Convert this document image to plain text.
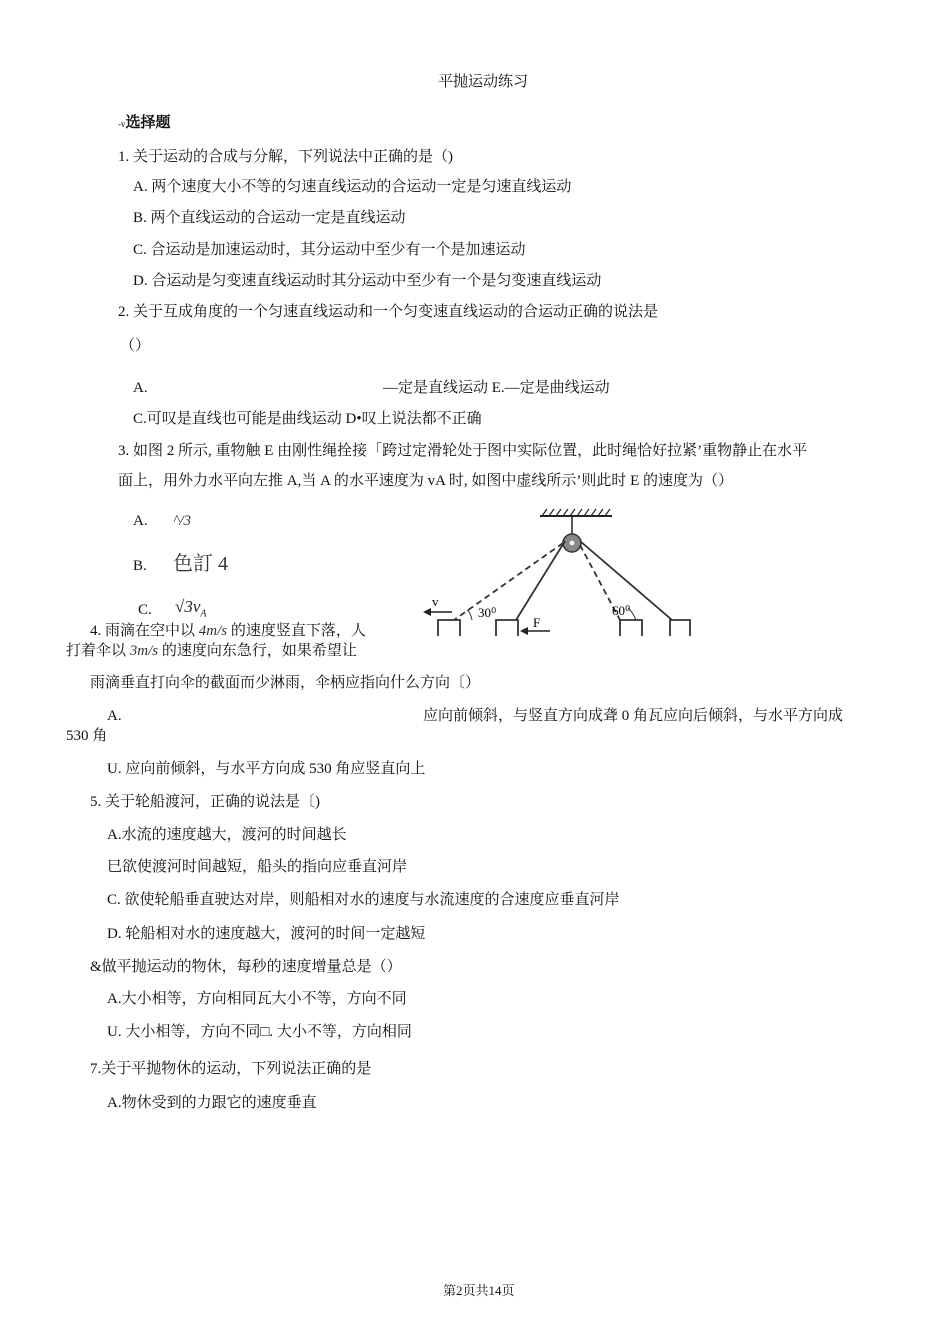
平抛运动练习
-v选择题
1. 关于运动的合成与分解，下列说法中正确的是（)
A. 两个速度大小不等的匀速直线运动的合运动一定是匀速直线运动
B. 两个直线运动的合运动一定是直线运动
C. 合运动是加速运动时，其分运动中至少有一个是加速运动
D. 合运动是匀变速直线运动时其分运动中至少有一个是匀变速直线运动
2. 关于互成角度的一个匀速直线运动和一个匀变速直线运动的合运动正确的说法是
（）
A.	—定是直线运动 E.—定是曲线运动
C.可叹是直线也可能是曲线运动 D•叹上说法都不正确
3. 如图 2 所示, 重物触 E 由刚性绳拴接「跨过定滑轮处于图中实际位置，此时绳恰好拉紧’重物静止在水平
面上，用外力水平向左推 A,当 A 的水平速度为 vA 时, 如图中虚线所示’则此时 E 的速度为（）
A. ^/3
B. 色訂 4
C. $√3v_A$
v
F
30⁰	60⁰
4. 雨滴在空中以 4m/s 的速度竖直下落，人
打着伞以 3m/s 的速度向东急行，如果希望让
雨滴垂直打向伞的截面而少淋雨，伞柄应指向什么方向〔）
A.	应向前倾斜，与竖直方向成聋 0 角瓦应向后倾斜，与水平方向成
530 角
U. 应向前倾斜，与水平方向成 530 角应竖直向上
5. 关于轮船渡河，正确的说法是〔)
A.水流的速度越大，渡河的时间越长
巳欲使渡河时间越短，船头的指向应垂直河岸
C. 欲使轮船垂直驶达对岸，则船相对水的速度与水流速度的合速度应垂直河岸
D. 轮船相对水的速度越大，渡河的时间一定越短
&做平抛运动的物休，每秒的速度增量总是（）
A.大小相等，方向相同瓦大小不等，方向不同
U. 大小相等，方向不同□. 大小不等，方向相同
7.关于平抛物休的运动，下列说法正确的是
A.物休受到的力跟它的速度垂直
第2页共14页
